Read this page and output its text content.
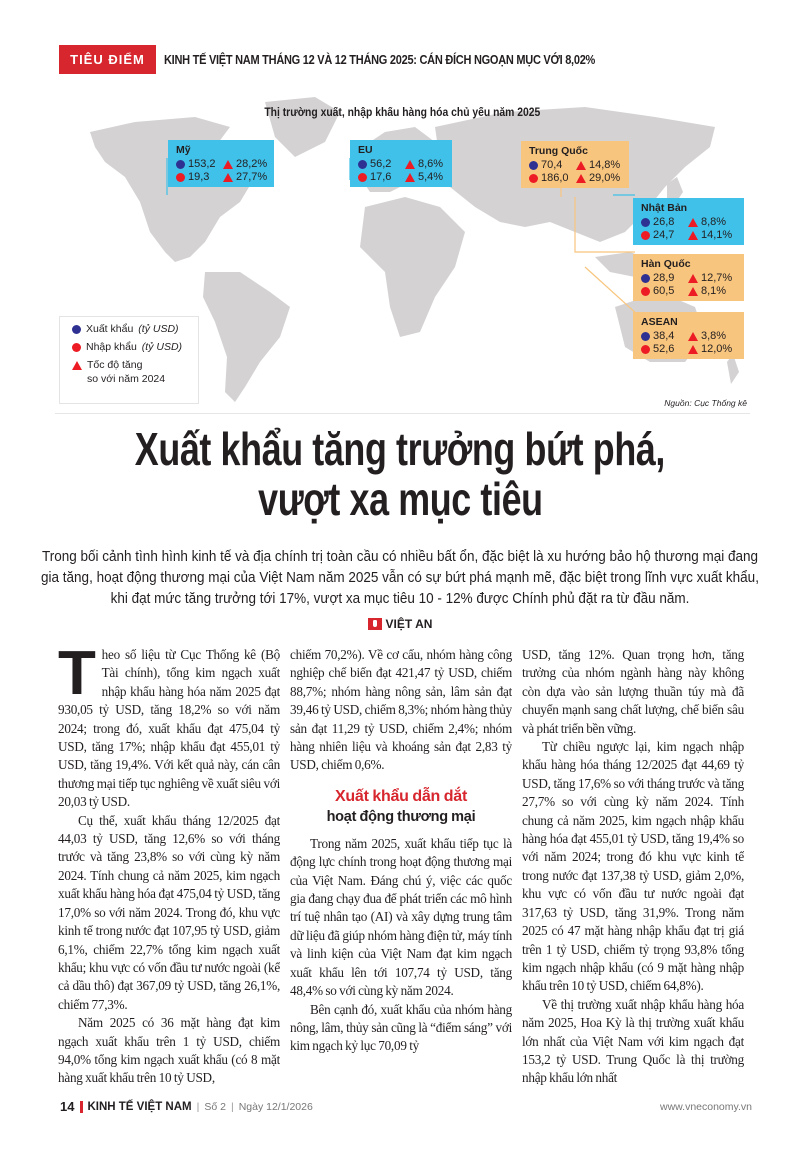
TIÊU ĐIỂM	KINH TẾ VIỆT NAM THÁNG 12 VÀ 12 THÁNG 2025: CÁN ĐÍCH NGOẠN MỤC VỚI 8,02%
Thị trường xuất, nhập khẩu hàng hóa chủ yếu năm 2025
Mỹ
153,2	28,2%
19,3	27,7%
EU
56,2	8,6%
17,6	5,4%
Trung Quốc
70,4	14,8%
186,0	29,0%
Nhật Bản
26,8	8,8%
24,7	14,1%
Hàn Quốc
28,9	12,7%
60,5	8,1%
ASEAN
38,4	3,8%
52,6	12,0%
Xuất khẩu (tỷ USD)
Nhập khẩu (tỷ USD)
Tốc độ tăng
so với năm 2024
Nguồn: Cục Thống kê
Xuất khẩu tăng trưởng bứt phá,
vượt xa mục tiêu
Trong bối cảnh tình hình kinh tế và địa chính trị toàn cầu có nhiều bất ổn, đặc biệt là xu hướng bảo hộ thương mại đang gia tăng, hoạt động thương mại của Việt Nam năm 2025 vẫn có sự bứt phá mạnh mẽ, đặc biệt trong lĩnh vực xuất khẩu, khi đạt mức tăng trưởng tới 17%, vượt xa mục tiêu 10 - 12% được Chính phủ đặt ra từ đầu năm.
VIỆT AN

Theo số liệu từ Cục Thống kê (Bộ Tài chính), tổng kim ngạch xuất nhập khẩu hàng hóa năm 2025 đạt 930,05 tỷ USD, tăng 18,2% so với năm 2024; trong đó, xuất khẩu đạt 475,04 tỷ USD, tăng 17%; nhập khẩu đạt 455,01 tỷ USD, tăng 19,4%. Với kết quả này, cán cân thương mại tiếp tục nghiêng về xuất siêu với 20,03 tỷ USD.

Cụ thể, xuất khẩu tháng 12/2025 đạt 44,03 tỷ USD, tăng 12,6% so với tháng trước và tăng 23,8% so với cùng kỳ năm 2024. Tính chung cả năm 2025, kim ngạch xuất khẩu hàng hóa đạt 475,04 tỷ USD, tăng 17,0% so với năm 2024. Trong đó, khu vực kinh tế trong nước đạt 107,95 tỷ USD, giảm 6,1%, chiếm 22,7% tổng kim ngạch xuất khẩu; khu vực có vốn đầu tư nước ngoài (kể cả dầu thô) đạt 367,09 tỷ USD, tăng 26,1%, chiếm 77,3%.

Năm 2025 có 36 mặt hàng đạt kim ngạch xuất khẩu trên 1 tỷ USD, chiếm 94,0% tổng kim ngạch xuất khẩu (có 8 mặt hàng xuất khẩu trên 10 tỷ USD,

chiếm 70,2%). Về cơ cấu, nhóm hàng công nghiệp chế biến đạt 421,47 tỷ USD, chiếm 88,7%; nhóm hàng nông sản, lâm sản đạt 39,46 tỷ USD, chiếm 8,3%; nhóm hàng thủy sản đạt 11,29 tỷ USD, chiếm 2,4%; nhóm hàng nhiên liệu và khoáng sản đạt 2,83 tỷ USD, chiếm 0,6%.

Xuất khẩu dẫn dắt
hoạt động thương mại

Trong năm 2025, xuất khẩu tiếp tục là động lực chính trong hoạt động thương mại của Việt Nam. Đáng chú ý, việc các quốc gia đang chạy đua để phát triển các mô hình trí tuệ nhân tạo (AI) và xây dựng trung tâm dữ liệu đã giúp nhóm hàng điện tử, máy tính và linh kiện của Việt Nam đạt kim ngạch xuất khẩu lên tới 107,74 tỷ USD, tăng 48,4% so với cùng kỳ năm 2024.

Bên cạnh đó, xuất khẩu của nhóm hàng nông, lâm, thủy sản cũng là “điểm sáng” với kim ngạch kỷ lục 70,09 tỷ

USD, tăng 12%. Quan trọng hơn, tăng trưởng của nhóm ngành hàng này không còn dựa vào sản lượng thuần túy mà đã chuyển mạnh sang chất lượng, chế biến sâu và phát triển bền vững.

Từ chiều ngược lại, kim ngạch nhập khẩu hàng hóa tháng 12/2025 đạt 44,69 tỷ USD, tăng 17,6% so với tháng trước và tăng 27,7% so với cùng kỳ năm 2024. Tính chung cả năm 2025, kim ngạch nhập khẩu hàng hóa đạt 455,01 tỷ USD, tăng 19,4% so với năm 2024; trong đó khu vực kinh tế trong nước đạt 137,38 tỷ USD, giảm 2,0%, khu vực có vốn đầu tư nước ngoài đạt 317,63 tỷ USD, tăng 31,9%. Trong năm 2025 có 47 mặt hàng nhập khẩu đạt trị giá trên 1 tỷ USD, chiếm tỷ trọng 93,8% tổng kim ngạch nhập khẩu (có 9 mặt hàng nhập khẩu trên 10 tỷ USD, chiếm 64,8%).

Về thị trường xuất nhập khẩu hàng hóa năm 2025, Hoa Kỳ là thị trường xuất khẩu lớn nhất của Việt Nam với kim ngạch đạt 153,2 tỷ USD. Trung Quốc là thị trường nhập khẩu lớn nhất

14 KINH TẾ VIỆT NAM | Số 2 | Ngày 12/1/2026	www.vneconomy.vn
